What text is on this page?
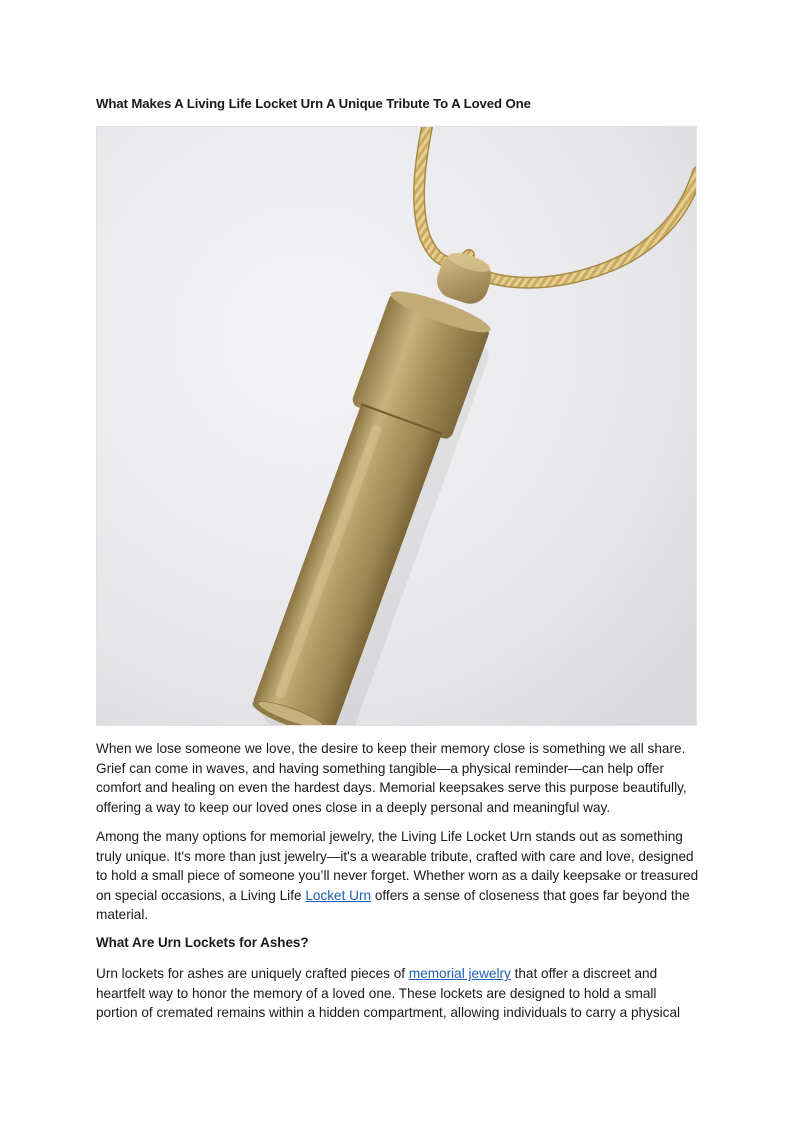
What Makes A Living Life Locket Urn A Unique Tribute To A Loved One

When we lose someone we love, the desire to keep their memory close is something we all share. Grief can come in waves, and having something tangible—a physical reminder—can help offer comfort and healing on even the hardest days. Memorial keepsakes serve this purpose beautifully, offering a way to keep our loved ones close in a deeply personal and meaningful way.

Among the many options for memorial jewelry, the Living Life Locket Urn stands out as something truly unique. It's more than just jewelry—it's a wearable tribute, crafted with care and love, designed to hold a small piece of someone you’ll never forget. Whether worn as a daily keepsake or treasured on special occasions, a Living Life Locket Urn offers a sense of closeness that goes far beyond the material.

What Are Urn Lockets for Ashes?

Urn lockets for ashes are uniquely crafted pieces of memorial jewelry that offer a discreet and heartfelt way to honor the memory of a loved one. These lockets are designed to hold a small portion of cremated remains within a hidden compartment, allowing individuals to carry a physical
